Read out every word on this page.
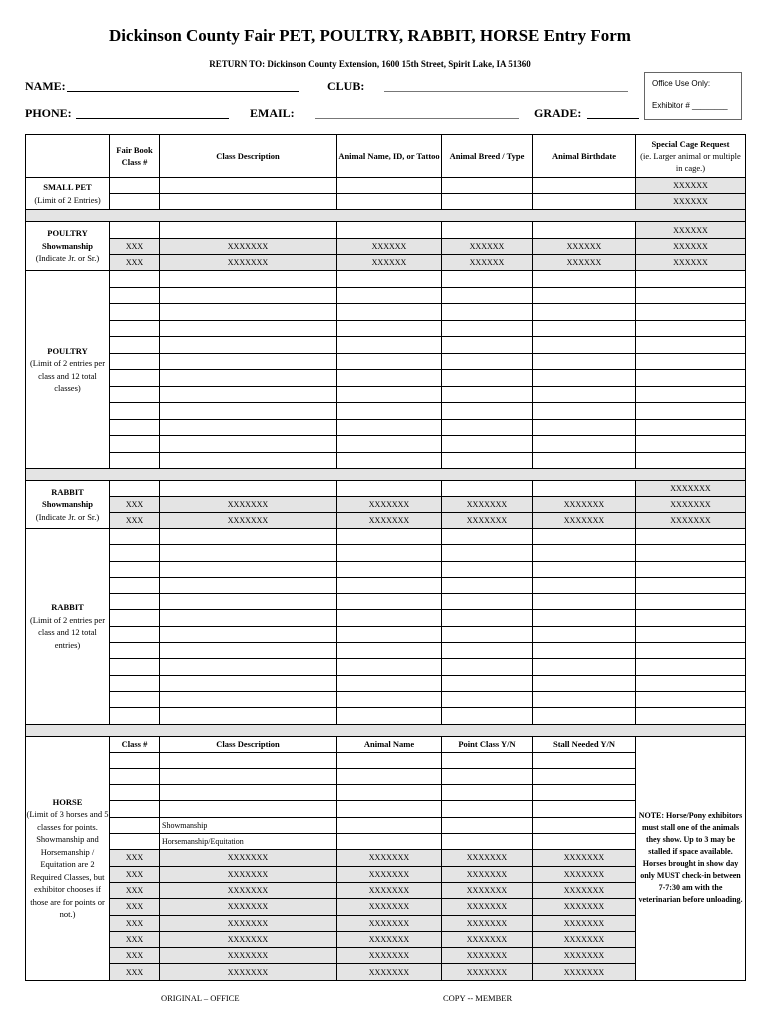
Dickinson County Fair PET, POULTRY, RABBIT, HORSE Entry Form
RETURN TO: Dickinson County Extension, 1600 15th Street, Spirit Lake, IA 51360
NAME:	CLUB:
PHONE:	EMAIL:	GRADE:
Office Use Only:
Exhibitor # ________
	Fair Book Class #	Class Description	Animal Name, ID, or Tattoo	Animal Breed / Type	Animal Birthdate	Special Cage Request
(ie. Larger animal or multiple in cage.)
SMALL PET
(Limit of 2 Entries)						XXXXXX
						XXXXXX

POULTRY
Showmanship
(Indicate Jr. or Sr.)						XXXXXX
	XXX	XXXXXXX	XXXXXX	XXXXXX	XXXXXX	XXXXXX
	XXX	XXXXXXX	XXXXXX	XXXXXX	XXXXXX	XXXXXX
POULTRY
(Limit of 2 entries per class and 12 total classes)						

RABBIT
Showmanship
(Indicate Jr. or Sr.)						XXXXXXX
	XXX	XXXXXXX	XXXXXXX	XXXXXXX	XXXXXXX	XXXXXXX
	XXX	XXXXXXX	XXXXXXX	XXXXXXX	XXXXXXX	XXXXXXX
RABBIT
(Limit of 2 entries per class and 12 total entries)						

HORSE
(Limit of 3 horses and 5 classes for points. Showmanship and Horsemanship / Equitation are 2 Required Classes, but exhibitor chooses if those are for points or not.)	Class #	Class Description	Animal Name	Point Class Y/N	Stall Needed Y/N	NOTE: Horse/Pony exhibitors must stall one of the animals they show. Up to 3 may be stalled if space available. Horses brought in show day only MUST check-in between 7-7:30 am with the veterinarian before unloading.

		Showmanship				
		Horsemanship/Equitation				
	XXX	XXXXXXX	XXXXXXX	XXXXXXX	XXXXXXX	
	XXX	XXXXXXX	XXXXXXX	XXXXXXX	XXXXXXX	
	XXX	XXXXXXX	XXXXXXX	XXXXXXX	XXXXXXX	
	XXX	XXXXXXX	XXXXXXX	XXXXXXX	XXXXXXX	
	XXX	XXXXXXX	XXXXXXX	XXXXXXX	XXXXXXX	
	XXX	XXXXXXX	XXXXXXX	XXXXXXX	XXXXXXX	
	XXX	XXXXXXX	XXXXXXX	XXXXXXX	XXXXXXX	
	XXX	XXXXXXX	XXXXXXX	XXXXXXX	XXXXXXX	
ORIGINAL – OFFICE	COPY -- MEMBER
